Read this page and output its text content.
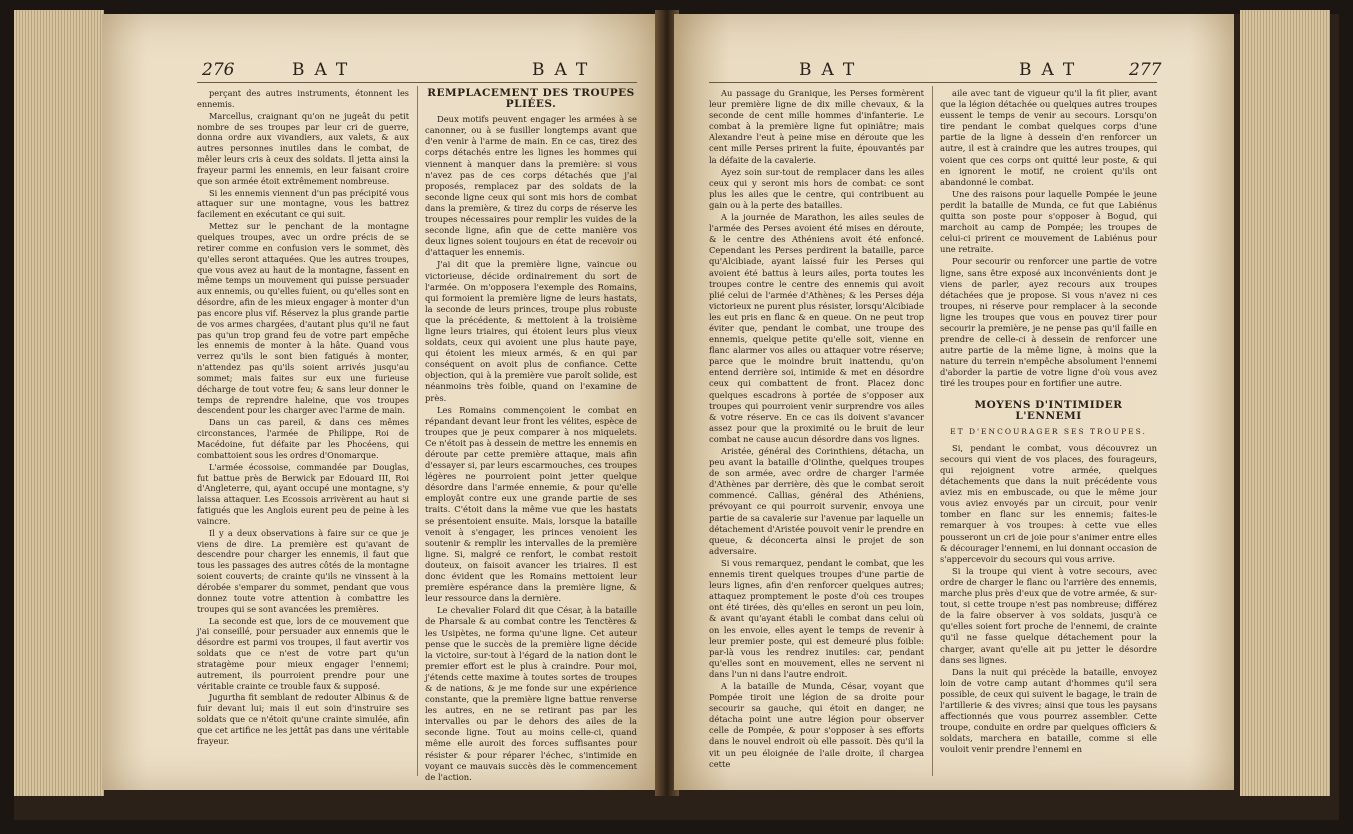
276	BAT	BAT

perçant des autres instruments, étonnent les ennemis.

Marcellus, craignant qu'on ne jugeât du petit nombre de ses troupes par leur cri de guerre, donna ordre aux vivandiers, aux valets, & aux autres personnes inutiles dans le combat, de mêler leurs cris à ceux des soldats. Il jetta ainsi la frayeur parmi les ennemis, en leur faisant croire que son armée étoit extrêmement nombreuse.

Si les ennemis viennent d'un pas précipité vous attaquer sur une montagne, vous les battrez facilement en exécutant ce qui suit.

Mettez sur le penchant de la montagne quelques troupes, avec un ordre précis de se retirer comme en confusion vers le sommet, dès qu'elles seront attaquées. Que les autres troupes, que vous avez au haut de la montagne, fassent en même temps un mouvement qui puisse persuader aux ennemis, ou qu'elles fuient, ou qu'elles sont en désordre, afin de les mieux engager à monter d'un pas encore plus vif. Réservez la plus grande partie de vos armes chargées, d'autant plus qu'il ne faut pas qu'un trop grand feu de votre part empêche les ennemis de monter à la hâte. Quand vous verrez qu'ils le sont bien fatigués à monter, n'attendez pas qu'ils soient arrivés jusqu'au sommet; mais faites sur eux une furieuse décharge de tout votre feu; & sans leur donner le temps de reprendre haleine, que vos troupes descendent pour les charger avec l'arme de main.

Dans un cas pareil, & dans ces mêmes circonstances, l'armée de Philippe, Roi de Macédoine, fut défaite par les Phocéens, qui combattoient sous les ordres d'Onomarque.

L'armée écossoise, commandée par Douglas, fut battue près de Berwick par Edouard III, Roi d'Angleterre, qui, ayant occupé une montagne, s'y laissa attaquer. Les Ecossois arrivèrent au haut si fatigués que les Anglois eurent peu de peine à les vaincre.

Il y a deux observations à faire sur ce que je viens de dire. La première est qu'avant de descendre pour charger les ennemis, il faut que tous les passages des autres côtés de la montagne soient couverts; de crainte qu'ils ne vinssent à la dérobée s'emparer du sommet, pendant que vous donnez toute votre attention à combattre les troupes qui se sont avancées les premières.

La seconde est que, lors de ce mouvement que j'ai conseillé, pour persuader aux ennemis que le désordre est parmi vos troupes, il faut avertir vos soldats que ce n'est de votre part qu'un stratagème pour mieux engager l'ennemi; autrement, ils pourroient prendre pour une véritable crainte ce trouble faux & supposé.

Jugurtha fit semblant de redouter Albinus & de fuir devant lui; mais il eut soin d'instruire ses soldats que ce n'étoit qu'une crainte simulée, afin que cet artifice ne les jettât pas dans une véritable frayeur.

REMPLACEMENT DES TROUPES PLIÉES.

Deux motifs peuvent engager les armées à se canonner, ou à se fusiller longtemps avant que d'en venir à l'arme de main. En ce cas, tirez des corps détachés entre les lignes les hommes qui viennent à manquer dans la première: si vous n'avez pas de ces corps détachés que j'ai proposés, remplacez par des soldats de la seconde ligne ceux qui sont mis hors de combat dans la première, & tirez du corps de réserve les troupes nécessaires pour remplir les vuides de la seconde ligne, afin que de cette manière vos deux lignes soient toujours en état de recevoir ou d'attaquer les ennemis.

J'ai dit que la première ligne, vaincue ou victorieuse, décide ordinairement du sort de l'armée. On m'opposera l'exemple des Romains, qui formoient la première ligne de leurs hastats, la seconde de leurs princes, troupe plus robuste que la précédente, & mettoient à la troisième ligne leurs triaires, qui étoient leurs plus vieux soldats, ceux qui avoient une plus haute paye, qui étoient les mieux armés, & en qui par conséquent on avoit plus de confiance. Cette objection, qui à la première vue paroît solide, est néanmoins très foible, quand on l'examine de près.

Les Romains commençoient le combat en répandant devant leur front les vélites, espèce de troupes que je peux comparer à nos miquelets. Ce n'étoit pas à dessein de mettre les ennemis en déroute par cette première attaque, mais afin d'essayer si, par leurs escarmouches, ces troupes légères ne pourroient point jetter quelque désordre dans l'armée ennemie, & pour qu'elle employât contre eux une grande partie de ses traits. C'étoit dans la même vue que les hastats se présentoient ensuite. Mais, lorsque la bataille venoit à s'engager, les princes venoient les soutenir & remplir les intervalles de la première ligne. Si, malgré ce renfort, le combat restoit douteux, on faisoit avancer les triaires. Il est donc évident que les Romains mettoient leur première espérance dans la première ligne, & leur ressource dans la dernière.

Le chevalier Folard dit que César, à la bataille de Pharsale & au combat contre les Tenctères & les Usipètes, ne forma qu'une ligne. Cet auteur pense que le succès de la première ligne décide la victoire, sur-tout à l'égard de la nation dont le premier effort est le plus à craindre. Pour moi, j'étends cette maxime à toutes sortes de troupes & de nations, & je me fonde sur une expérience constante, que la première ligne battue renverse les autres, en ne se retirant pas par les intervalles ou par le dehors des ailes de la seconde ligne. Tout au moins celle-ci, quand même elle auroit des forces suffisantes pour résister & pour réparer l'échec, s'intimide en voyant ce mauvais succès dès le commencement de l'action.

BAT	BAT	277

Au passage du Granique, les Perses formèrent leur première ligne de dix mille chevaux, & la seconde de cent mille hommes d'infanterie. Le combat à la première ligne fut opiniâtre; mais Alexandre l'eut à peine mise en déroute que les cent mille Perses prirent la fuite, épouvantés par la défaite de la cavalerie.

Ayez soin sur-tout de remplacer dans les ailes ceux qui y seront mis hors de combat: ce sont plus les ailes que le centre, qui contribuent au gain ou à la perte des batailles.

A la journée de Marathon, les ailes seules de l'armée des Perses avoient été mises en déroute, & le centre des Athéniens avoit été enfoncé. Cependant les Perses perdirent la bataille, parce qu'Alcibiade, ayant laissé fuir les Perses qui avoient été battus à leurs ailes, porta toutes les troupes contre le centre des ennemis qui avoit plié celui de l'armée d'Athènes; & les Perses déja victorieux ne purent plus résister, lorsqu'Alcibiade les eut pris en flanc & en queue. On ne peut trop éviter que, pendant le combat, une troupe des ennemis, quelque petite qu'elle soit, vienne en flanc alarmer vos ailes ou attaquer votre réserve; parce que le moindre bruit inattendu, qu'on entend derrière soi, intimide & met en désordre ceux qui combattent de front. Placez donc quelques escadrons à portée de s'opposer aux troupes qui pourroient venir surprendre vos ailes & votre réserve. En ce cas ils doivent s'avancer assez pour que la proximité ou le bruit de leur combat ne cause aucun désordre dans vos lignes.

Aristée, général des Corinthiens, détacha, un peu avant la bataille d'Olinthe, quelques troupes de son armée, avec ordre de charger l'armée d'Athènes par derrière, dès que le combat seroit commencé. Callias, général des Athéniens, prévoyant ce qui pourroit survenir, envoya une partie de sa cavalerie sur l'avenue par laquelle un détachement d'Aristée pouvoit venir le prendre en queue, & déconcerta ainsi le projet de son adversaire.

Si vous remarquez, pendant le combat, que les ennemis tirent quelques troupes d'une partie de leurs lignes, afin d'en renforcer quelques autres; attaquez promptement le poste d'où ces troupes ont été tirées, dès qu'elles en seront un peu loin, & avant qu'ayant établi le combat dans celui où on les envoie, elles ayent le temps de revenir à leur premier poste, qui est demeuré plus foible: par-là vous les rendrez inutiles: car, pendant qu'elles sont en mouvement, elles ne servent ni dans l'un ni dans l'autre endroit.

A la bataille de Munda, César, voyant que Pompée tiroit une légion de sa droite pour secourir sa gauche, qui étoit en danger, ne détacha point une autre légion pour observer celle de Pompée, & pour s'opposer à ses efforts dans le nouvel endroit où elle passoit. Dès qu'il la vit un peu éloignée de l'aile droite, il chargea cette

aile avec tant de vigueur qu'il la fit plier, avant que la légion détachée ou quelques autres troupes eussent le temps de venir au secours. Lorsqu'on tire pendant le combat quelques corps d'une partie de la ligne à dessein d'en renforcer un autre, il est à craindre que les autres troupes, qui voient que ces corps ont quitté leur poste, & qui en ignorent le motif, ne croient qu'ils ont abandonné le combat.

Une des raisons pour laquelle Pompée le jeune perdit la bataille de Munda, ce fut que Labiénus quitta son poste pour s'opposer à Bogud, qui marchoit au camp de Pompée; les troupes de celui-ci prirent ce mouvement de Labiénus pour une retraite.

Pour secourir ou renforcer une partie de votre ligne, sans être exposé aux inconvénients dont je viens de parler, ayez recours aux troupes détachées que je propose. Si vous n'avez ni ces troupes, ni réserve pour remplacer à la seconde ligne les troupes que vous en pouvez tirer pour secourir la première, je ne pense pas qu'il faille en prendre de celle-ci à dessein de renforcer une autre partie de la même ligne, à moins que la nature du terrein n'empêche absolument l'ennemi d'aborder la partie de votre ligne d'où vous avez tiré les troupes pour en fortifier une autre.

MOYENS D'INTIMIDER L'ENNEMI
ET D'ENCOURAGER SES TROUPES.

Si, pendant le combat, vous découvrez un secours qui vient de vos places, des fourageurs, qui rejoignent votre armée, quelques détachements que dans la nuit précédente vous aviez mis en embuscade, ou que le même jour vous aviez envoyés par un circuit, pour venir tomber en flanc sur les ennemis; faites-le remarquer à vos troupes: à cette vue elles pousseront un cri de joie pour s'animer entre elles & décourager l'ennemi, en lui donnant occasion de s'appercevoir du secours qui vous arrive.

Si la troupe qui vient à votre secours, avec ordre de charger le flanc ou l'arrière des ennemis, marche plus près d'eux que de votre armée, & sur-tout, si cette troupe n'est pas nombreuse; différez de la faire observer à vos soldats, jusqu'à ce qu'elles soient fort proche de l'ennemi, de crainte qu'il ne fasse quelque détachement pour la charger, avant qu'elle ait pu jetter le désordre dans ses lignes.

Dans la nuit qui précède la bataille, envoyez loin de votre camp autant d'hommes qu'il sera possible, de ceux qui suivent le bagage, le train de l'artillerie & des vivres; ainsi que tous les paysans affectionnés que vous pourrez assembler. Cette troupe, conduite en ordre par quelques officiers & soldats, marchera en bataille, comme si elle vouloit venir prendre l'ennemi en
